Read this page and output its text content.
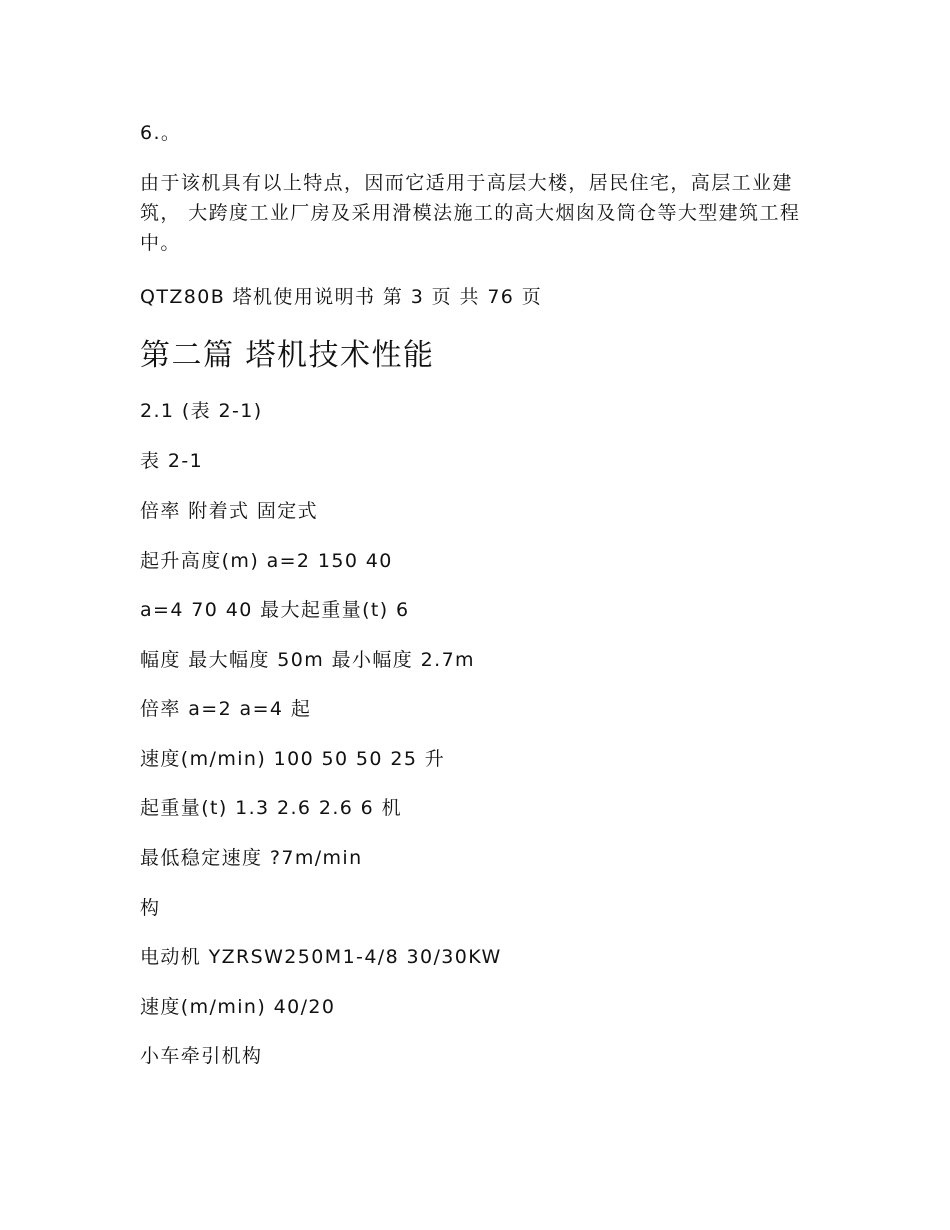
6.。
由于该机具有以上特点，因而它适用于高层大楼，居民住宅，高层工业建筑， 大跨度工业厂房及采用滑模法施工的高大烟囱及筒仓等大型建筑工程中。
QTZ80B 塔机使用说明书 第 3 页 共 76 页
第二篇 塔机技术性能
2.1 (表 2-1)
表 2-1
倍率 附着式 固定式
起升高度(m) a=2 150 40
a=4 70 40 最大起重量(t) 6
幅度 最大幅度 50m 最小幅度 2.7m
倍率 a=2 a=4 起
速度(m/min) 100 50 50 25 升
起重量(t) 1.3 2.6 2.6 6 机
最低稳定速度 ?7m/min
构
电动机 YZRSW250M1-4/8 30/30KW
速度(m/min) 40/20
小车牵引机构
